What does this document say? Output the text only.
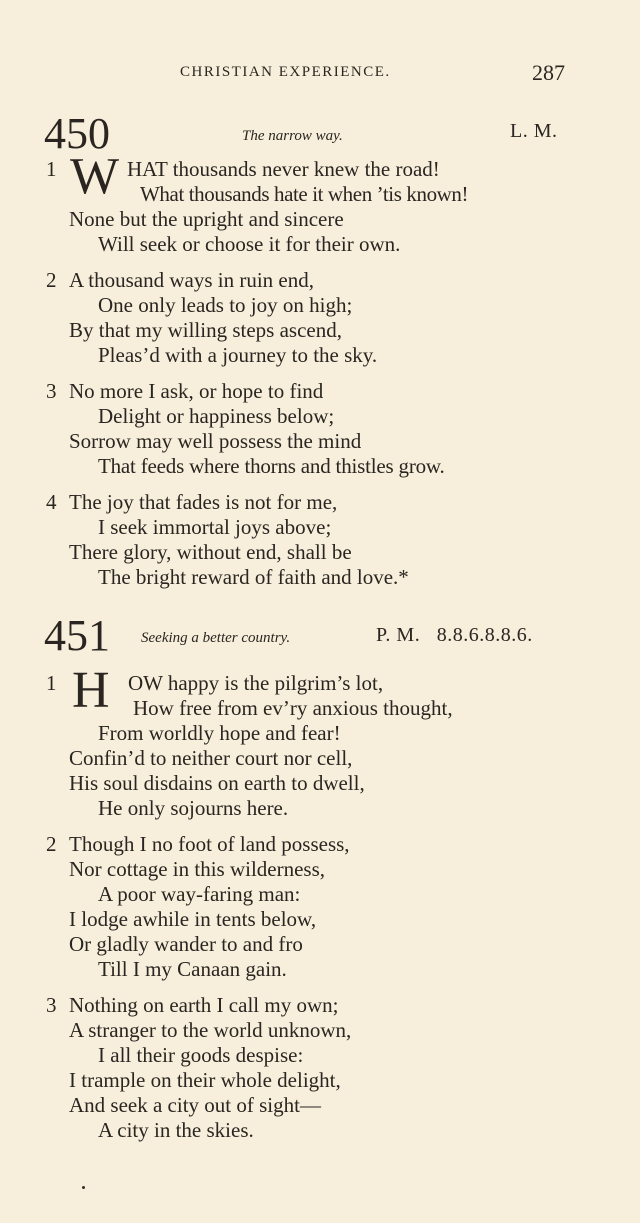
CHRISTIAN EXPERIENCE.	287
450	The narrow way.	L. M.
1 W HAT thousands never knew the road!
What thousands hate it when ’tis known!
None but the upright and sincere
Will seek or choose it for their own.
2 A thousand ways in ruin end,
One only leads to joy on high;
By that my willing steps ascend,
Pleas’d with a journey to the sky.
3 No more I ask, or hope to find
Delight or happiness below;
Sorrow may well possess the mind
That feeds where thorns and thistles grow.
4 The joy that fades is not for me,
I seek immortal joys above;
There glory, without end, shall be
The bright reward of faith and love.*
451 Seeking a better country.	P. M.   8.8.6.8.8.6.
1 H OW happy is the pilgrim’s lot,
How free from ev’ry anxious thought,
From worldly hope and fear!
Confin’d to neither court nor cell,
His soul disdains on earth to dwell,
He only sojourns here.
2 Though I no foot of land possess,
Nor cottage in this wilderness,
A poor way-faring man:
I lodge awhile in tents below,
Or gladly wander to and fro
Till I my Canaan gain.
3 Nothing on earth I call my own;
A stranger to the world unknown,
I all their goods despise:
I trample on their whole delight,
And seek a city out of sight—
A city in the skies.
